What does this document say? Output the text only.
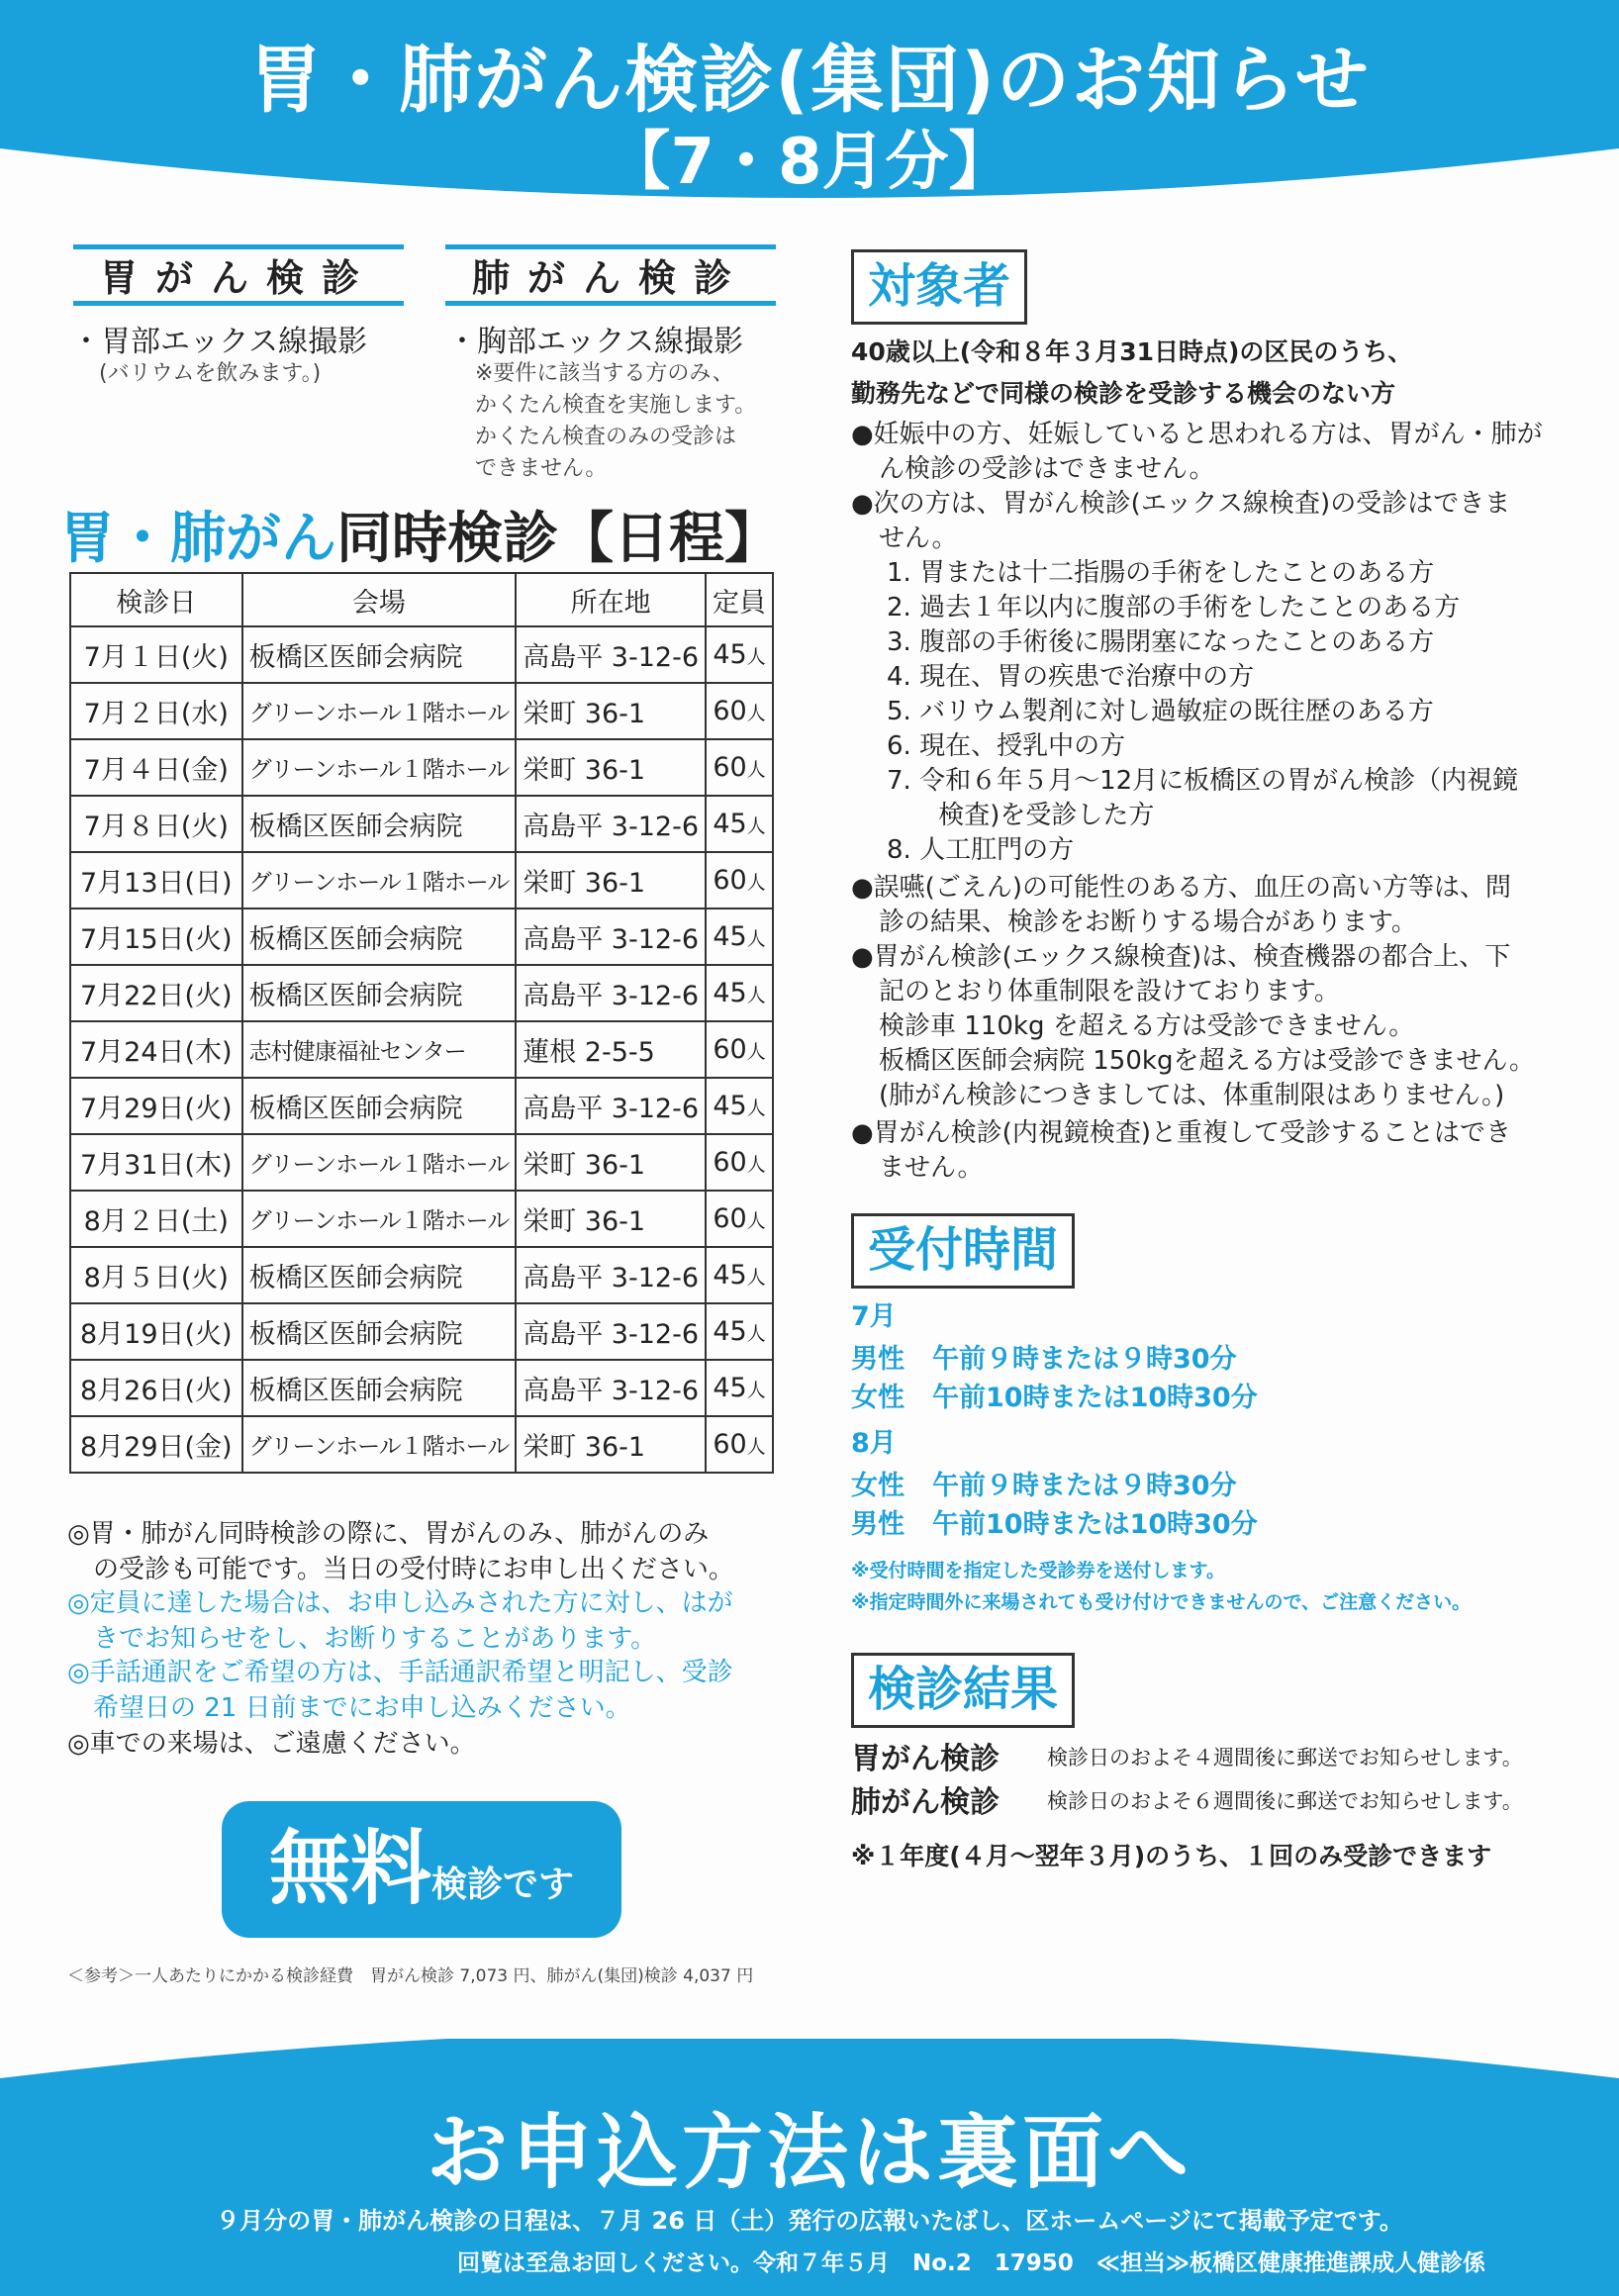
胃・肺がん検診(集団)のお知らせ
【7・8月分】
胃がん検診
・胃部エックス線撮影
(バリウムを飲みます。)
肺がん検診
・胸部エックス線撮影
※要件に該当する方のみ、
かくたん検査を実施します。
かくたん検査のみの受診は
できません。
胃・肺がん同時検診【日程】
検診日	会場	所在地	定員
7月１日(火)	板橋区医師会病院	高島平 3-12-6	45人
7月２日(水)	グリーンホール１階ホール	栄町 36-1	60人
7月４日(金)	グリーンホール１階ホール	栄町 36-1	60人
7月８日(火)	板橋区医師会病院	高島平 3-12-6	45人
7月13日(日)	グリーンホール１階ホール	栄町 36-1	60人
7月15日(火)	板橋区医師会病院	高島平 3-12-6	45人
7月22日(火)	板橋区医師会病院	高島平 3-12-6	45人
7月24日(木)	志村健康福祉センター	蓮根 2-5-5	60人
7月29日(火)	板橋区医師会病院	高島平 3-12-6	45人
7月31日(木)	グリーンホール１階ホール	栄町 36-1	60人
8月２日(土)	グリーンホール１階ホール	栄町 36-1	60人
8月５日(火)	板橋区医師会病院	高島平 3-12-6	45人
8月19日(火)	板橋区医師会病院	高島平 3-12-6	45人
8月26日(火)	板橋区医師会病院	高島平 3-12-6	45人
8月29日(金)	グリーンホール１階ホール	栄町 36-1	60人
◎胃・肺がん同時検診の際に、胃がんのみ、肺がんのみ
　の受診も可能です。当日の受付時にお申し出ください。
◎定員に達した場合は、お申し込みされた方に対し、はが
　きでお知らせをし、お断りすることがあります。
◎手話通訳をご希望の方は、手話通訳希望と明記し、受診
　希望日の 21 日前までにお申し込みください。
◎車での来場は、ご遠慮ください。
無料検診です
＜参考＞一人あたりにかかる検診経費　胃がん検診 7,073 円、肺がん(集団)検診 4,037 円
対象者
40歳以上(令和８年３月31日時点)の区民のうち、
勤務先などで同様の検診を受診する機会のない方
●妊娠中の方、妊娠していると思われる方は、胃がん・肺が
ん検診の受診はできません。
●次の方は、胃がん検診(エックス線検査)の受診はできま
せん。
1. 胃または十二指腸の手術をしたことのある方
2. 過去１年以内に腹部の手術をしたことのある方
3. 腹部の手術後に腸閉塞になったことのある方
4. 現在、胃の疾患で治療中の方
5. バリウム製剤に対し過敏症の既往歴のある方
6. 現在、授乳中の方
7. 令和６年５月～12月に板橋区の胃がん検診（内視鏡
　 検査)を受診した方
8. 人工肛門の方
●誤嚥(ごえん)の可能性のある方、血圧の高い方等は、問
診の結果、検診をお断りする場合があります。
●胃がん検診(エックス線検査)は、検査機器の都合上、下
記のとおり体重制限を設けております。
検診車 110kg を超える方は受診できません。
板橋区医師会病院 150kgを超える方は受診できません。
(肺がん検診につきましては、体重制限はありません。)
●胃がん検診(内視鏡検査)と重複して受診することはでき
ません。
受付時間
7月
男性 午前９時または９時30分
女性 午前10時または10時30分
8月
女性 午前９時または９時30分
男性 午前10時または10時30分
※受付時間を指定した受診券を送付します。
※指定時間外に来場されても受け付けできませんので、ご注意ください。
検診結果
胃がん検診 検診日のおよそ４週間後に郵送でお知らせします。
肺がん検診 検診日のおよそ６週間後に郵送でお知らせします。
※１年度(４月～翌年３月)のうち、１回のみ受診できます
お申込方法は裏面へ
９月分の胃・肺がん検診の日程は、７月 26 日（土）発行の広報いたばし、区ホームページにて掲載予定です。
回覧は至急お回しください。令和７年５月　No.2　17950　≪担当≫板橋区健康推進課成人健診係
